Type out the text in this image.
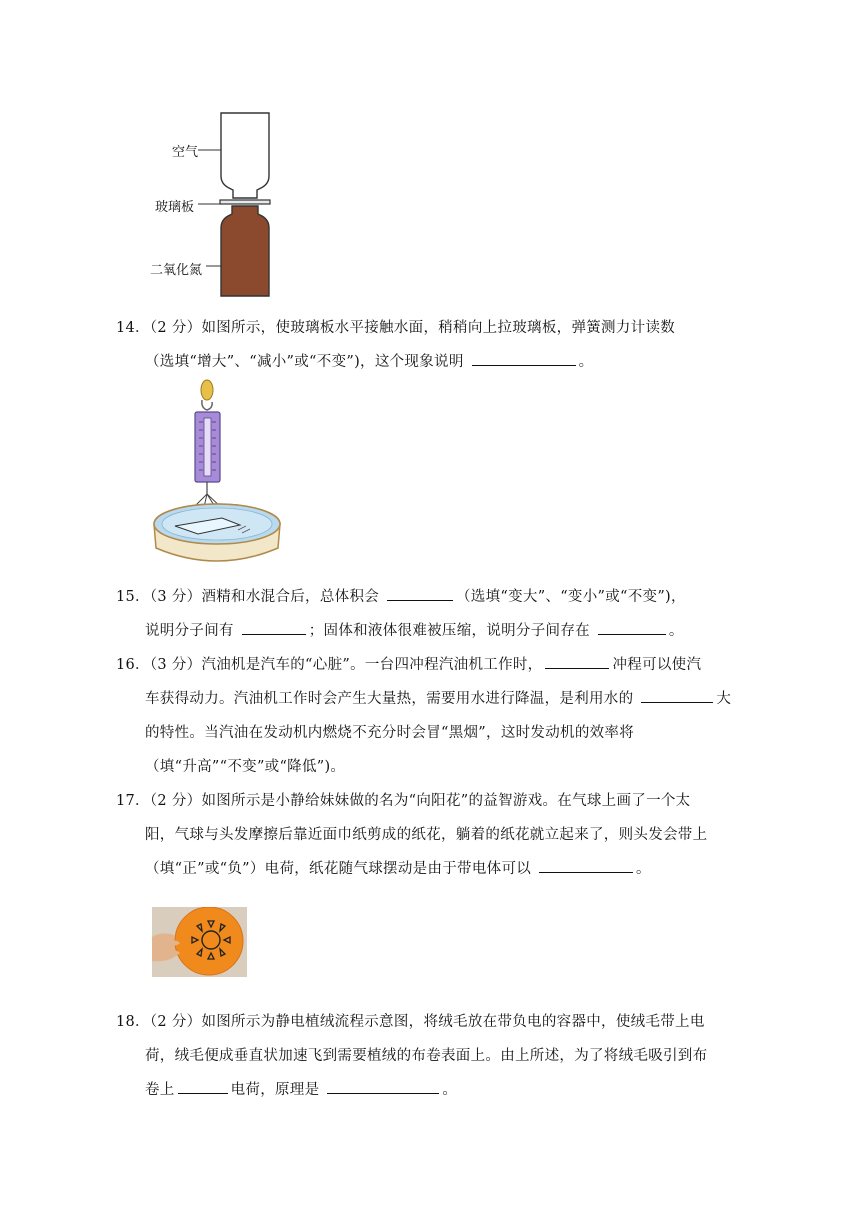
空气
玻璃板
二氧化氮
14．（2 分）如图所示，使玻璃板水平接触水面，稍稍向上拉玻璃板，弹簧测力计读数
（选填“增大”、“减小”或“不变”)，这个现象说明	。
15．（3 分）酒精和水混合后，总体积会	（选填“变大”、“变小”或“不变”)，
说明分子间有	；固体和液体很难被压缩，说明分子间存在	。
16．（3 分）汽油机是汽车的“心脏”。一台四冲程汽油机工作时，	冲程可以使汽
车获得动力。汽油机工作时会产生大量热，需要用水进行降温，是利用水的	大
的特性。当汽油在发动机内燃烧不充分时会冒“黑烟”，这时发动机的效率将
（填“升高”“不变”或“降低”)。
17．（2 分）如图所示是小静给妹妹做的名为“向阳花”的益智游戏。在气球上画了一个太
阳，气球与头发摩擦后靠近面巾纸剪成的纸花，躺着的纸花就立起来了，则头发会带上
（填“正”或“负”）电荷，纸花随气球摆动是由于带电体可以	。
18．（2 分）如图所示为静电植绒流程示意图，将绒毛放在带负电的容器中，使绒毛带上电
荷，绒毛便成垂直状加速飞到需要植绒的布卷表面上。由上所述，为了将绒毛吸引到布
卷上	电荷，原理是	。
